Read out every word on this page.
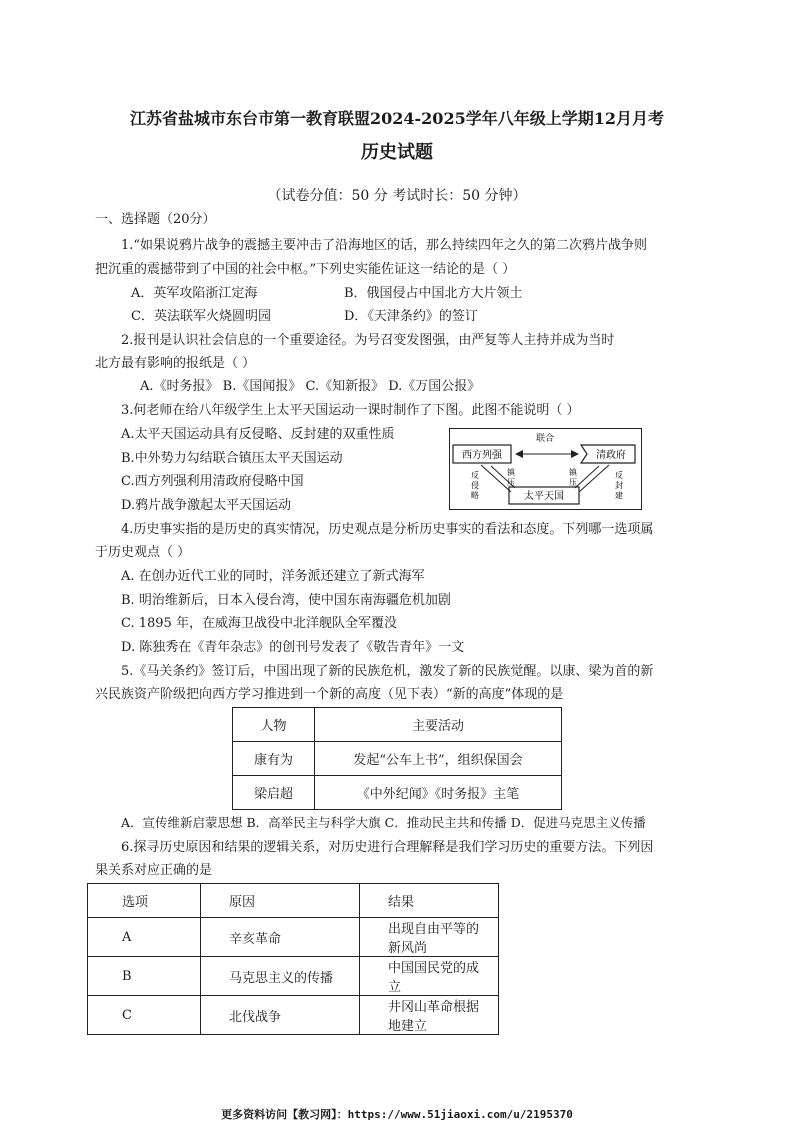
江苏省盐城市东台市第一教育联盟2024-2025学年八年级上学期12月月考
历史试题
（试卷分值：50 分 考试时长：50 分钟）
一、选择题（20分）
1.“如果说鸦片战争的震撼主要冲击了沿海地区的话，那么持续四年之久的第二次鸦片战争则
把沉重的震撼带到了中国的社会中枢。”下列史实能佐证这一结论的是（ ）
A．英军攻陷浙江定海	B．俄国侵占中国北方大片领土
C．英法联军火烧圆明园	D．《天津条约》的签订
2.报刊是认识社会信息的一个重要途径。为号召变发图强，由严复等人主持并成为当时
北方最有影响的报纸是（ ）
A.《时务报》 B.《国闻报》 C.《知新报》 D.《万国公报》
3.何老师在给八年级学生上太平天国运动一课时制作了下图。此图不能说明（ ）
A.太平天国运动具有反侵略、反封建的双重性质
B.中外势力勾结联合镇压太平天国运动
C.西方列强利用清政府侵略中国
D.鸦片战争激起太平天国运动
西方列强	清政府
太平天国
联合
反
侵
略
镇
压
镇
压
反
封
建
4.历史事实指的是历史的真实情况，历史观点是分析历史事实的看法和态度。下列哪一选项属
于历史观点（ ）
A. 在创办近代工业的同时，洋务派还建立了新式海军
B. 明治维新后，日本入侵台湾，使中国东南海疆危机加剧
C. 1895 年，在威海卫战役中北洋舰队全军覆没
D. 陈独秀在《青年杂志》的创刊号发表了《敬告青年》一文
5.《马关条约》签订后，中国出现了新的民族危机，激发了新的民族觉醒。以康、梁为首的新
兴民族资产阶级把向西方学习推进到一个新的高度（见下表）“新的高度”体现的是
人物	主要活动
康有为	发起“公车上书”，组织保国会
梁启超	《中外纪闻》《时务报》主笔
A．宣传维新启蒙思想 B．高举民主与科学大旗 C．推动民主共和传播 D．促进马克思主义传播
6.探寻历史原因和结果的逻辑关系，对历史进行合理解释是我们学习历史的重要方法。下列因
果关系对应正确的是
选项	原因	结果
A	辛亥革命	出现自由平等的新风尚
B	马克思主义的传播	中国国民党的成立
C	北伐战争	井冈山革命根据地建立
更多资料访问【教习网】：https://www.51jiaoxi.com/u/2195370
